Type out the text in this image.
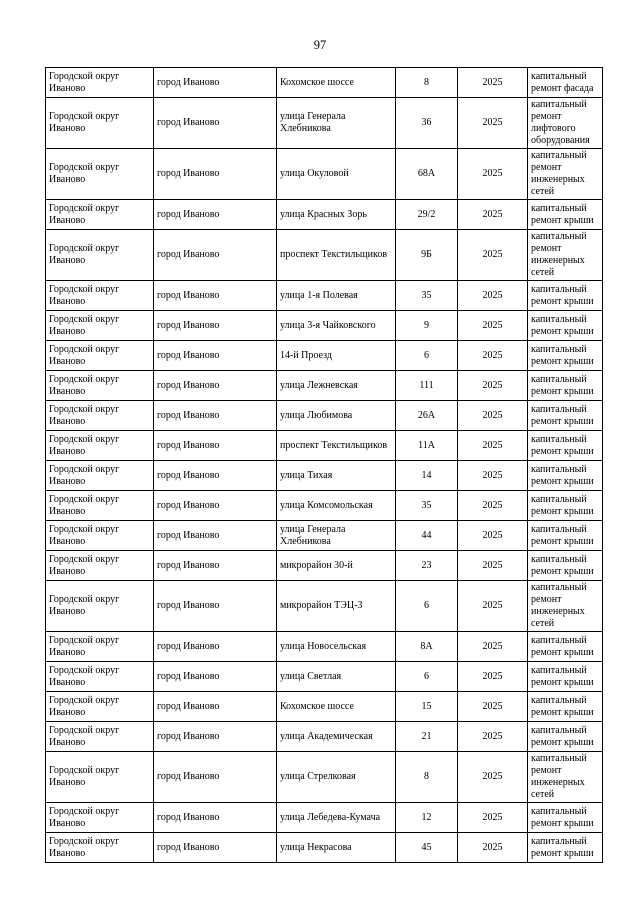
97
Городской округ Иваново	город Иваново	Кохомское шоссе	8	2025	капитальный ремонт фасада
Городской округ Иваново	город Иваново	улица Генерала Хлебникова	36	2025	капитальный ремонт лифтового оборудования
Городской округ Иваново	город Иваново	улица Окуловой	68А	2025	капитальный ремонт инженерных сетей
Городской округ Иваново	город Иваново	улица Красных Зорь	29/2	2025	капитальный ремонт крыши
Городской округ Иваново	город Иваново	проспект Текстильщиков	9Б	2025	капитальный ремонт инженерных сетей
Городской округ Иваново	город Иваново	улица 1-я Полевая	35	2025	капитальный ремонт крыши
Городской округ Иваново	город Иваново	улица 3-я Чайковского	9	2025	капитальный ремонт крыши
Городской округ Иваново	город Иваново	14-й Проезд	6	2025	капитальный ремонт крыши
Городской округ Иваново	город Иваново	улица Лежневская	111	2025	капитальный ремонт крыши
Городской округ Иваново	город Иваново	улица Любимова	26А	2025	капитальный ремонт крыши
Городской округ Иваново	город Иваново	проспект Текстильщиков	11А	2025	капитальный ремонт крыши
Городской округ Иваново	город Иваново	улица Тихая	14	2025	капитальный ремонт крыши
Городской округ Иваново	город Иваново	улица Комсомольская	35	2025	капитальный ремонт крыши
Городской округ Иваново	город Иваново	улица Генерала Хлебникова	44	2025	капитальный ремонт крыши
Городской округ Иваново	город Иваново	микрорайон 30-й	23	2025	капитальный ремонт крыши
Городской округ Иваново	город Иваново	микрорайон ТЭЦ-3	6	2025	капитальный ремонт инженерных сетей
Городской округ Иваново	город Иваново	улица Новосельская	8А	2025	капитальный ремонт крыши
Городской округ Иваново	город Иваново	улица Светлая	6	2025	капитальный ремонт крыши
Городской округ Иваново	город Иваново	Кохомское шоссе	15	2025	капитальный ремонт крыши
Городской округ Иваново	город Иваново	улица Академическая	21	2025	капитальный ремонт крыши
Городской округ Иваново	город Иваново	улица Стрелковая	8	2025	капитальный ремонт инженерных сетей
Городской округ Иваново	город Иваново	улица Лебедева-Кумача	12	2025	капитальный ремонт крыши
Городской округ Иваново	город Иваново	улица Некрасова	45	2025	капитальный ремонт крыши
